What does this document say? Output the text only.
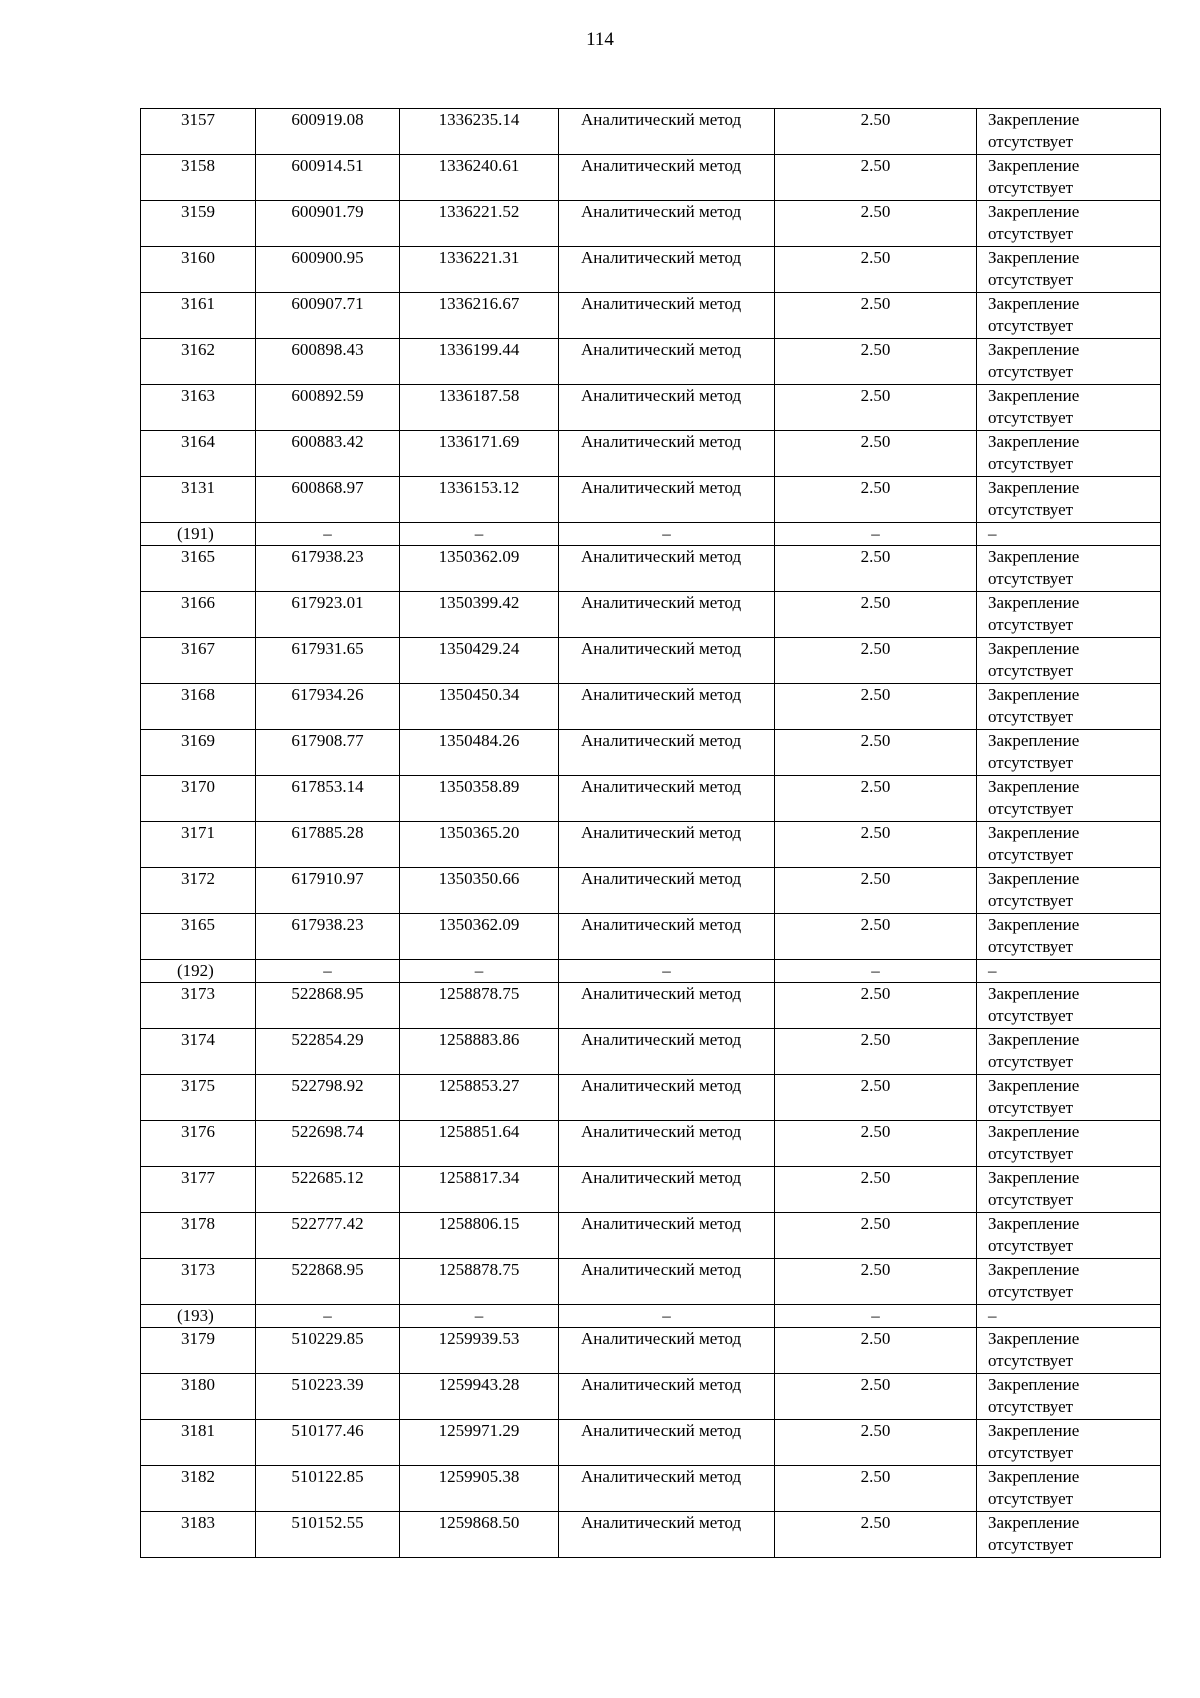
114
3157	600919.08	1336235.14	Аналитический метод	2.50	Закрепление отсутствует
3158	600914.51	1336240.61	Аналитический метод	2.50	Закрепление отсутствует
3159	600901.79	1336221.52	Аналитический метод	2.50	Закрепление отсутствует
3160	600900.95	1336221.31	Аналитический метод	2.50	Закрепление отсутствует
3161	600907.71	1336216.67	Аналитический метод	2.50	Закрепление отсутствует
3162	600898.43	1336199.44	Аналитический метод	2.50	Закрепление отсутствует
3163	600892.59	1336187.58	Аналитический метод	2.50	Закрепление отсутствует
3164	600883.42	1336171.69	Аналитический метод	2.50	Закрепление отсутствует
3131	600868.97	1336153.12	Аналитический метод	2.50	Закрепление отсутствует
(191)	–	–	–	–	–
3165	617938.23	1350362.09	Аналитический метод	2.50	Закрепление отсутствует
3166	617923.01	1350399.42	Аналитический метод	2.50	Закрепление отсутствует
3167	617931.65	1350429.24	Аналитический метод	2.50	Закрепление отсутствует
3168	617934.26	1350450.34	Аналитический метод	2.50	Закрепление отсутствует
3169	617908.77	1350484.26	Аналитический метод	2.50	Закрепление отсутствует
3170	617853.14	1350358.89	Аналитический метод	2.50	Закрепление отсутствует
3171	617885.28	1350365.20	Аналитический метод	2.50	Закрепление отсутствует
3172	617910.97	1350350.66	Аналитический метод	2.50	Закрепление отсутствует
3165	617938.23	1350362.09	Аналитический метод	2.50	Закрепление отсутствует
(192)	–	–	–	–	–
3173	522868.95	1258878.75	Аналитический метод	2.50	Закрепление отсутствует
3174	522854.29	1258883.86	Аналитический метод	2.50	Закрепление отсутствует
3175	522798.92	1258853.27	Аналитический метод	2.50	Закрепление отсутствует
3176	522698.74	1258851.64	Аналитический метод	2.50	Закрепление отсутствует
3177	522685.12	1258817.34	Аналитический метод	2.50	Закрепление отсутствует
3178	522777.42	1258806.15	Аналитический метод	2.50	Закрепление отсутствует
3173	522868.95	1258878.75	Аналитический метод	2.50	Закрепление отсутствует
(193)	–	–	–	–	–
3179	510229.85	1259939.53	Аналитический метод	2.50	Закрепление отсутствует
3180	510223.39	1259943.28	Аналитический метод	2.50	Закрепление отсутствует
3181	510177.46	1259971.29	Аналитический метод	2.50	Закрепление отсутствует
3182	510122.85	1259905.38	Аналитический метод	2.50	Закрепление отсутствует
3183	510152.55	1259868.50	Аналитический метод	2.50	Закрепление отсутствует
